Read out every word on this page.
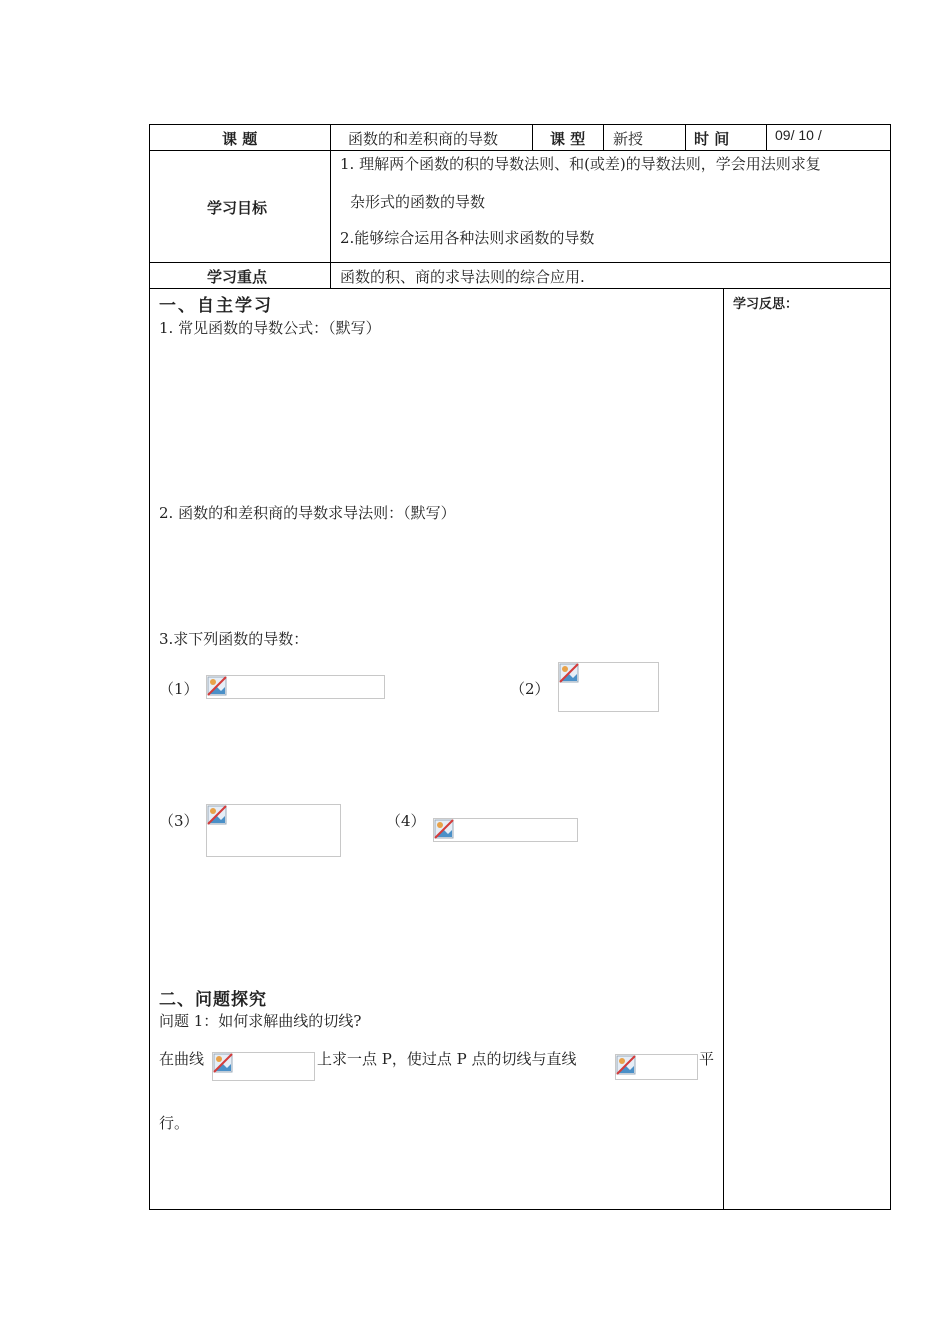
课 题	函数的和差积商的导数	课 型 新授	时 间	09/ 10 /
学习目标
1. 理解两个函数的积的导数法则、和(或差)的导数法则，学会用法则求复
杂形式的函数的导数
2.能够综合运用各种法则求函数的导数
学习重点	函数的积、商的求导法则的综合应用.
学习反思：
一、自主学习
1. 常见函数的导数公式：（默写）
2. 函数的和差积商的导数求导法则：（默写）
3.求下列函数的导数：
（1）	（2）
（3）	（4）
二、问题探究
问题 1：如何求解曲线的切线?
在曲线	上求一点 P，使过点 P 点的切线与直线	平
行。
